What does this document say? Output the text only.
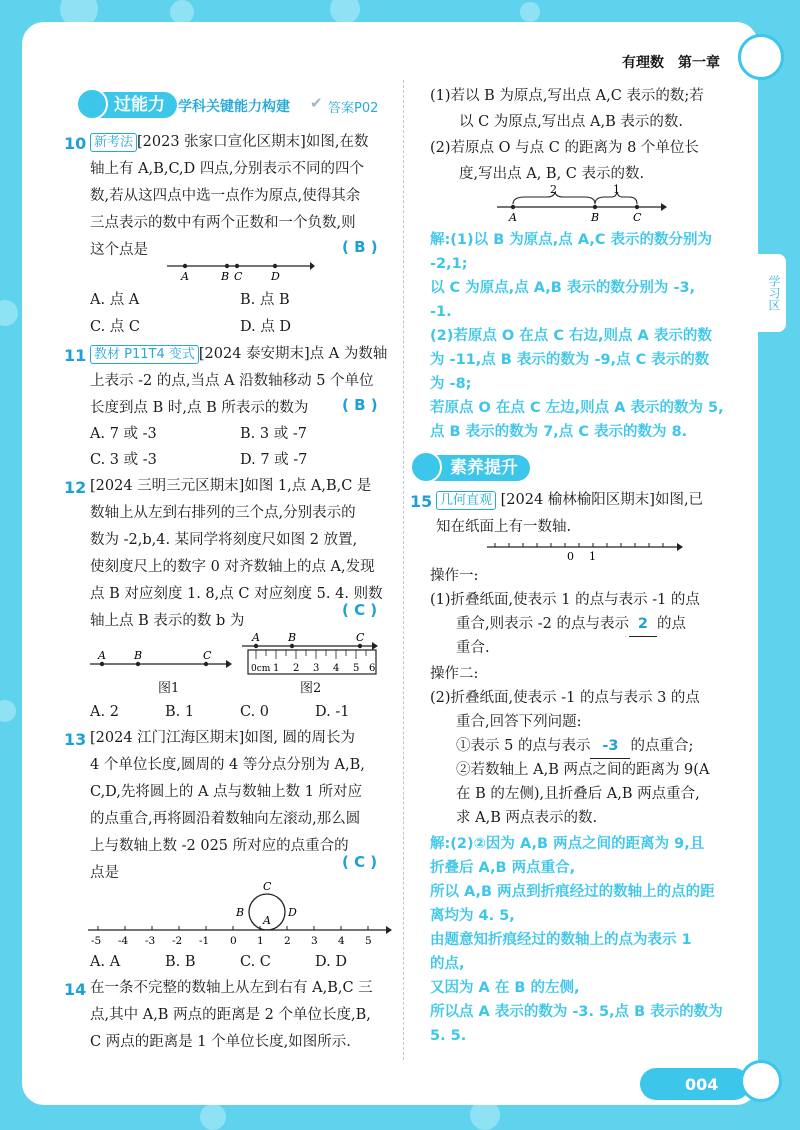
有理数　第一章
学习区
过能力 学科关键能力构建 ✔ 答案P02
10 新考法 [2023 张家口宣化区期末]如图,在数
轴上有 A,B,C,D 四点,分别表示不同的四个
数,若从这四点中选一点作为原点,使得其余
三点表示的数中有两个正数和一个负数,则
这个点是	( B )
A	B C	D
A. 点 A	B. 点 B
C. 点 C	D. 点 D
11 教材 P11T4 变式 [2024 泰安期末]点 A 为数轴
上表示 -2 的点,当点 A 沿数轴移动 5 个单位
长度到点 B 时,点 B 所表示的数为 ( B )
A. 7 或 -3	B. 3 或 -7
C. 3 或 -3	D. 7 或 -7
12 [2024 三明三元区期末]如图 1,点 A,B,C 是
数轴上从左到右排列的三个点,分别表示的
数为 -2,b,4. 某同学将刻度尺如图 2 放置,
使刻度尺上的数字 0 对齐数轴上的点 A,发现
点 B 对应刻度 1. 8,点 C 对应刻度 5. 4. 则数
轴上点 B 表示的数 b 为
( C )
A	B	C
A	B	C
0cm 1 2 3 4 5 6
图1	图2
A. 2	B. 1	C. 0	D. -1
13 [2024 江门江海区期末]如图, 圆的周长为
4 个单位长度,圆周的 4 等分点分别为 A,B,
C,D,先将圆上的 A 点与数轴上数 1 所对应
的点重合,再将圆沿着数轴向左滚动,那么圆
上与数轴上数 -2 025 所对应的点重合的
点是
( C )
C
B	D
A
-5 -4 -3 -2 -1 0 1 2 3 4 5
A. A	B. B	C. C	D. D
14 在一条不完整的数轴上从左到右有 A,B,C 三
点,其中 A,B 两点的距离是 2 个单位长度,B,
C 两点的距离是 1 个单位长度,如图所示.
(1)若以 B 为原点,写出点 A,C 表示的数;若
　　以 C 为原点,写出点 A,B 表示的数.
(2)若原点 O 与点 C 的距离为 8 个单位长
　　度,写出点 A, B, C 表示的数.
2	1
A	B	C
解:(1)以 B 为原点,点 A,C 表示的数分别为
-2,1;
以 C 为原点,点 A,B 表示的数分别为 -3,
-1.
(2)若原点 O 在点 C 右边,则点 A 表示的数
为 -11,点 B 表示的数为 -9,点 C 表示的数
为 -8;
若原点 O 在点 C 左边,则点 A 表示的数为 5,
点 B 表示的数为 7,点 C 表示的数为 8.
素养提升
15 几何直观 [2024 榆林榆阳区期末]如图,已
知在纸面上有一数轴.
0 1
操作一:
(1)折叠纸面,使表示 1 的点与表示 -1 的点
重合,则表示 -2 的点与表示 2 的点
重合.
操作二:
(2)折叠纸面,使表示 -1 的点与表示 3 的点
重合,回答下列问题:
①表示 5 的点与表示 -3 的点重合;
②若数轴上 A,B 两点之间的距离为 9(A
在 B 的左侧),且折叠后 A,B 两点重合,
求 A,B 两点表示的数.
解:(2)②因为 A,B 两点之间的距离为 9,且
折叠后 A,B 两点重合,
所以 A,B 两点到折痕经过的数轴上的点的距
离均为 4. 5,
由题意知折痕经过的数轴上的点为表示 1
的点,
又因为 A 在 B 的左侧,
所以点 A 表示的数为 -3. 5,点 B 表示的数为
5. 5.
004
